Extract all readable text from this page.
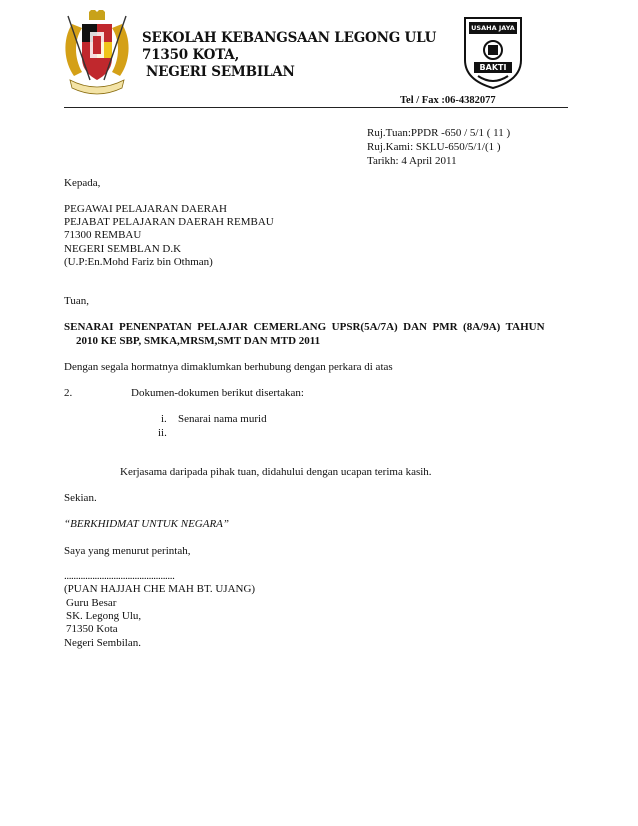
SEKOLAH KEBANGSAAN LEGONG ULU
71350 KOTA,
NEGERI SEMBILAN
USAHA JAYA
BAKTI
Tel / Fax :06-4382077
Ruj.Tuan:PPDR -650 / 5/1 ( 11 )
Ruj.Kami: SKLU-650/5/1/(1 )
Tarikh: 4 April 2011
Kepada,
PEGAWAI PELAJARAN DAERAH
PEJABAT PELAJARAN DAERAH REMBAU
71300 REMBAU
NEGERI SEMBLAN D.K
(U.P:En.Mohd Fariz bin Othman)
Tuan,
SENARAI  PENENPATAN  PELAJAR  CEMERLANG  UPSR(5A/7A)  DAN  PMR  (8A/9A)  TAHUN
2010 KE SBP, SMKA,MRSM,SMT DAN MTD 2011
Dengan segala hormatnya dimaklumkan berhubung dengan perkara di atas
2.	Dokumen-dokumen berikut disertakan:
i. Senarai nama murid
ii.
Kerjasama daripada pihak tuan, didahului dengan ucapan terima kasih.
Sekian.
“BERKHIDMAT UNTUK NEGARA”
Saya yang menurut perintah,
...............................................
(PUAN HAJJAH CHE MAH BT. UJANG)
Guru Besar
SK. Legong Ulu,
71350 Kota
Negeri Sembilan.
